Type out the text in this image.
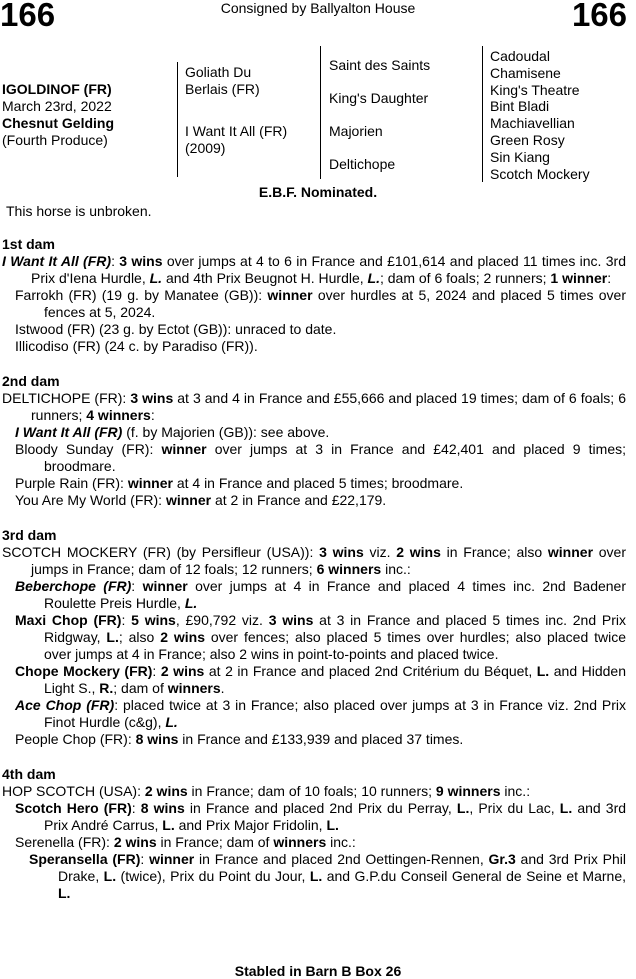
166	Consigned by Ballyalton House	166
IGOLDINOF (FR)
March 23rd, 2022
Chesnut Gelding
(Fourth Produce)
Goliath Du
Berlais (FR)
I Want It All (FR)
(2009)
Saint des Saints
King's Daughter
Majorien
Deltichope
Cadoudal
Chamisene
King's Theatre
Bint Bladi
Machiavellian
Green Rosy
Sin Kiang
Scotch Mockery
E.B.F. Nominated.
This horse is unbroken.
1st dam
I Want It All (FR): 3 wins over jumps at 4 to 6 in France and £101,614 and placed 11 times inc. 3rd Prix d'Iena Hurdle, L. and 4th Prix Beugnot H. Hurdle, L.; dam of 6 foals; 2 runners; 1 winner:
Farrokh (FR) (19 g. by Manatee (GB)): winner over hurdles at 5, 2024 and placed 5 times over fences at 5, 2024.
Istwood (FR) (23 g. by Ectot (GB)): unraced to date.
Illicodiso (FR) (24 c. by Paradiso (FR)).
2nd dam
DELTICHOPE (FR): 3 wins at 3 and 4 in France and £55,666 and placed 19 times; dam of 6 foals; 6 runners; 4 winners:
I Want It All (FR) (f. by Majorien (GB)): see above.
Bloody Sunday (FR): winner over jumps at 3 in France and £42,401 and placed 9 times; broodmare.
Purple Rain (FR): winner at 4 in France and placed 5 times; broodmare.
You Are My World (FR): winner at 2 in France and £22,179.
3rd dam
SCOTCH MOCKERY (FR) (by Persifleur (USA)): 3 wins viz. 2 wins in France; also winner over jumps in France; dam of 12 foals; 12 runners; 6 winners inc.:
Beberchope (FR): winner over jumps at 4 in France and placed 4 times inc. 2nd Badener Roulette Preis Hurdle, L.
Maxi Chop (FR): 5 wins, £90,792 viz. 3 wins at 3 in France and placed 5 times inc. 2nd Prix Ridgway, L.; also 2 wins over fences; also placed 5 times over hurdles; also placed twice over jumps at 4 in France; also 2 wins in point-to-points and placed twice.
Chope Mockery (FR): 2 wins at 2 in France and placed 2nd Critérium du Béquet, L. and Hidden Light S., R.; dam of winners.
Ace Chop (FR): placed twice at 3 in France; also placed over jumps at 3 in France viz. 2nd Prix Finot Hurdle (c&g), L.
People Chop (FR): 8 wins in France and £133,939 and placed 37 times.
4th dam
HOP SCOTCH (USA): 2 wins in France; dam of 10 foals; 10 runners; 9 winners inc.:
Scotch Hero (FR): 8 wins in France and placed 2nd Prix du Perray, L., Prix du Lac, L. and 3rd Prix André Carrus, L. and Prix Major Fridolin, L.
Serenella (FR): 2 wins in France; dam of winners inc.:
Speransella (FR): winner in France and placed 2nd Oettingen-Rennen, Gr.3 and 3rd Prix Phil Drake, L. (twice), Prix du Point du Jour, L. and G.P.du Conseil General de Seine et Marne, L.
Stabled in Barn B Box 26
